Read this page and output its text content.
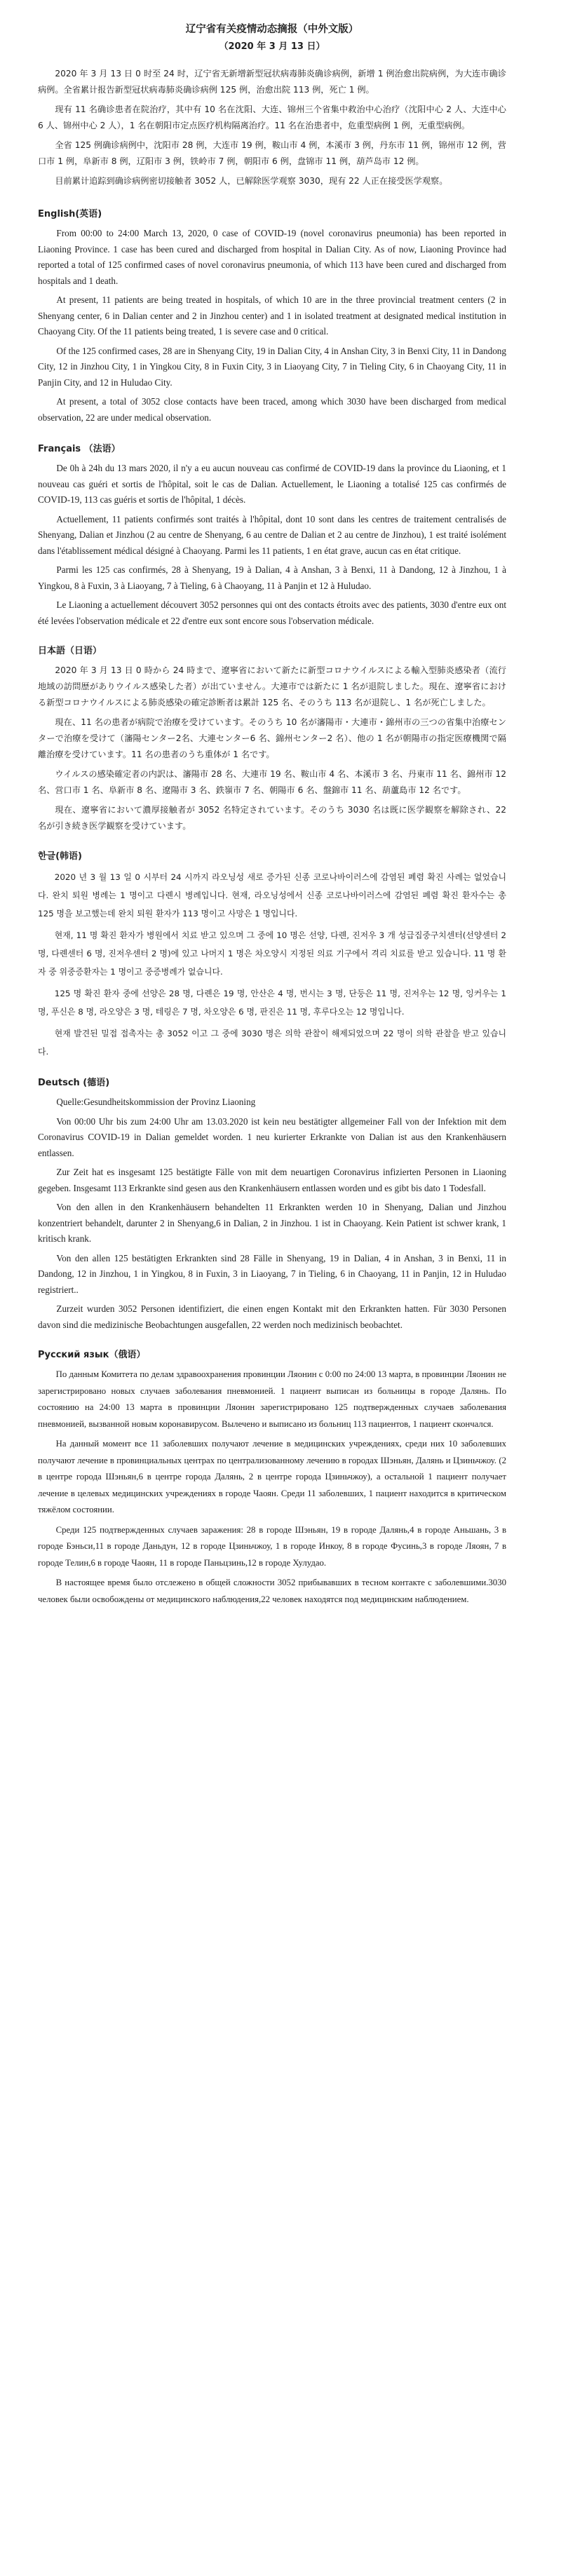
辽宁省有关疫情动态摘报（中外文版）
（2020 年 3 月 13 日）

2020 年 3 月 13 日 0 时至 24 时，辽宁省无新增新型冠状病毒肺炎确诊病例，新增 1 例治愈出院病例，为大连市确诊病例。全省累计报告新型冠状病毒肺炎确诊病例 125 例，治愈出院 113 例，死亡 1 例。

现有 11 名确诊患者在院治疗，其中有 10 名在沈阳、大连、锦州三个省集中救治中心治疗（沈阳中心 2 人、大连中心 6 人、锦州中心 2 人），1 名在朝阳市定点医疗机构隔离治疗。11 名在治患者中，危重型病例 1 例，无重型病例。

全省 125 例确诊病例中，沈阳市 28 例，大连市 19 例，鞍山市 4 例，本溪市 3 例，丹东市 11 例，锦州市 12 例，营口市 1 例，阜新市 8 例，辽阳市 3 例，铁岭市 7 例，朝阳市 6 例，盘锦市 11 例，葫芦岛市 12 例。

目前累计追踪到确诊病例密切接触者 3052 人，已解除医学观察 3030，现有 22 人正在接受医学观察。

English(英语)

From 00:00 to 24:00 March 13, 2020, 0 case of COVID-19 (novel coronavirus pneumonia) has been reported in Liaoning Province. 1 case has been cured and discharged from hospital in Dalian City. As of now, Liaoning Province had reported a total of 125 confirmed cases of novel coronavirus pneumonia, of which 113 have been cured and discharged from hospitals and 1 death.

At present, 11 patients are being treated in hospitals, of which 10 are in the three provincial treatment centers (2 in Shenyang center, 6 in Dalian center and 2 in Jinzhou center) and 1 in isolated treatment at designated medical institution in Chaoyang City. Of the 11 patients being treated, 1 is severe case and 0 critical.

Of the 125 confirmed cases, 28 are in Shenyang City, 19 in Dalian City, 4 in Anshan City, 3 in Benxi City, 11 in Dandong City, 12 in Jinzhou City, 1 in Yingkou City, 8 in Fuxin City, 3 in Liaoyang City, 7 in Tieling City, 6 in Chaoyang City, 11 in Panjin City, and 12 in Huludao City.

At present, a total of 3052 close contacts have been traced, among which 3030 have been discharged from medical observation, 22 are under medical observation.

Français （法语）

De 0h à 24h du 13 mars 2020, il n'y a eu aucun nouveau cas confirmé de COVID-19 dans la province du Liaoning, et 1 nouveau cas guéri et sortis de l'hôpital, soit le cas de Dalian. Actuellement, le Liaoning a totalisé 125 cas confirmés de COVID-19, 113 cas guéris et sortis de l'hôpital, 1 décès.

Actuellement, 11 patients confirmés sont traités à l'hôpital, dont 10 sont dans les centres de traitement centralisés de Shenyang, Dalian et Jinzhou (2 au centre de Shenyang, 6 au centre de Dalian et 2 au centre de Jinzhou), 1 est traité isolément dans l'établissement médical désigné à Chaoyang. Parmi les 11 patients, 1 en état grave, aucun cas en état critique.

Parmi les 125 cas confirmés, 28 à Shenyang, 19 à Dalian, 4 à Anshan, 3 à Benxi, 11 à Dandong, 12 à Jinzhou, 1 à Yingkou, 8 à Fuxin, 3 à Liaoyang, 7 à Tieling, 6 à Chaoyang, 11 à Panjin et 12 à Huludao.

Le Liaoning a actuellement découvert 3052 personnes qui ont des contacts étroits avec des patients, 3030 d'entre eux ont été levées l'observation médicale et 22 d'entre eux sont encore sous l'observation médicale.

日本語（日语）

2020 年 3 月 13 日 0 時から 24 時まで、遼寧省において新たに新型コロナウイルスによる輸入型肺炎感染者（流行地域の訪問歴がありウイルス感染した者）が出ていません。大連市では新たに 1 名が退院しました。現在、遼寧省における新型コロナウイルスによる肺炎感染の確定診断者は累計 125 名、そのうち 113 名が退院し、1 名が死亡しました。

現在、11 名の患者が病院で治療を受けています。そのうち 10 名が瀋陽市・大連市・錦州市の三つの省集中治療センターで治療を受けて（瀋陽センター2名、大連センター6 名、錦州センター2 名）、他の 1 名が朝陽市の指定医療機関で隔離治療を受けています。11 名の患者のうち重体が 1 名です。

ウイルスの感染確定者の内訳は、瀋陽市 28 名、大連市 19 名、鞍山市 4 名、本溪市 3 名、丹東市 11 名、錦州市 12 名、営口市 1 名、阜新市 8 名、遼陽市 3 名、鉄嶺市 7 名、朝陽市 6 名、盤錦市 11 名、葫蘆島市 12 名です。

現在、遼寧省において濃厚接触者が 3052 名特定されています。そのうち 3030 名は既に医学観察を解除され、22 名が引き続き医学観察を受けています。

한글(韩语)

2020 년 3 월 13 일 0 시부터 24 시까지 라오닝성 새로 증가된 신종 코로나바이러스에 감염된 폐렴 확진 사례는 없었습니다. 완치 퇴원 병례는 1 명이고 다롄시 병례입니다. 현재, 라오닝성에서 신종 코로나바이러스에 감염된 폐렴 확진 환자수는 총 125 명을 보고했는데 완치 퇴원 환자가 113 명이고 사망은 1 명입니다.

현재, 11 명 확진 환자가 병원에서 치료 받고 있으며 그 중에 10 명은 선양, 다롄, 진저우 3 개 성급집중구치센터(선양센터 2 명, 다롄센터 6 명, 진저우센터 2 명)에 있고 나머지 1 명은 차오양시 지정된 의료 기구에서 격리 치료를 받고 있습니다. 11 명 환자 중 위중증환자는 1 명이고 중증병례가 없습니다.

125 명 확진 환자 중에 선양은 28 명, 다롄은 19 명, 안산은 4 명, 번시는 3 명, 단둥은 11 명, 진저우는 12 명, 잉커우는 1 명, 푸신은 8 명, 라오양은 3 명, 테링은 7 명, 차오양은 6 명, 판진은 11 명, 후루다오는 12 명입니다.

현재 발견된 밀접 접촉자는 총 3052 이고 그 중에 3030 명은 의학 관찰이 해제되었으며 22 명이 의학 관찰을 받고 있습니다.

Deutsch (德语)

Quelle:Gesundheitskommission der Provinz Liaoning

Von 00:00 Uhr bis zum 24:00 Uhr am 13.03.2020 ist kein neu bestätigter allgemeiner Fall von der Infektion mit dem Coronavirus COVID-19 in Dalian gemeldet worden. 1 neu kurierter Erkrankte von Dalian ist aus den Krankenhäusern entlassen.

Zur Zeit hat es insgesamt 125 bestätigte Fälle von mit dem neuartigen Coronavirus infizierten Personen in Liaoning gegeben. Insgesamt 113 Erkrankte sind gesen aus den Krankenhäusern entlassen worden und es gibt bis dato 1 Todesfall.

Von den allen in den Krankenhäusern behandelten 11 Erkrankten werden 10 in Shenyang, Dalian und Jinzhou konzentriert behandelt, darunter 2 in Shenyang,6 in Dalian, 2 in Jinzhou. 1 ist in Chaoyang. Kein Patient ist schwer krank, 1 kritisch krank.

Von den allen 125 bestätigten Erkrankten sind 28 Fälle in Shenyang, 19 in Dalian, 4 in Anshan, 3 in Benxi, 11 in Dandong, 12 in Jinzhou, 1 in Yingkou, 8 in Fuxin, 3 in Liaoyang, 7 in Tieling, 6 in Chaoyang, 11 in Panjin, 12 in Huludao registriert..

Zurzeit wurden 3052 Personen identifiziert, die einen engen Kontakt mit den Erkrankten hatten. Für 3030 Personen davon sind die medizinische Beobachtungen ausgefallen, 22 werden noch medizinisch beobachtet.

Русский язык（俄语）

По данным Комитета по делам здравоохранения провинции Ляонин с 0:00 по 24:00 13 марта, в провинции Ляонин не зарегистрировано новых случаев заболевания пневмонией. 1 пациент выписан из больницы в городе Далянь. По состоянию на 24:00 13 марта в провинции Ляонин зарегистрировано 125 подтвержденных случаев заболевания пневмонией, вызванной новым коронавирусом. Вылечено и выписано из больниц 113 пациентов, 1 пациент скончался.

На данный момент все 11 заболевших получают лечение в медицинских учреждениях, среди них 10 заболевших получают лечение в провинциальных центрах по централизованному лечению в городах Шэньян, Далянь и Цзиньчжоу. (2 в центре города Шэньян,6 в центре города Далянь, 2 в центре города Цзиньчжоу), а остальной 1 пациент получает лечение в целевых медицинских учреждениях в городе Чаоян. Среди 11 заболевших, 1 пациент находится в критическом тяжёлом состоянии.

Среди 125 подтвержденных случаев заражения: 28 в городе Шэньян, 19 в городе Далянь,4 в городе Аньшань, 3 в городе Бэньси,11 в городе Даньдун, 12 в городе Цзиньчжоу, 1 в городе Инкоу, 8 в городе Фусинь,3 в городе Ляоян, 7 в городе Телин,6 в городе Чаоян, 11 в городе Паньцзинь,12 в городе Хулудао.

В настоящее время было отслежено в общей сложности 3052 прибывавших в тесном контакте с заболевшими.3030 человек были освобождены от медицинского наблюдения,22 человек находятся под медицинским наблюдением.
